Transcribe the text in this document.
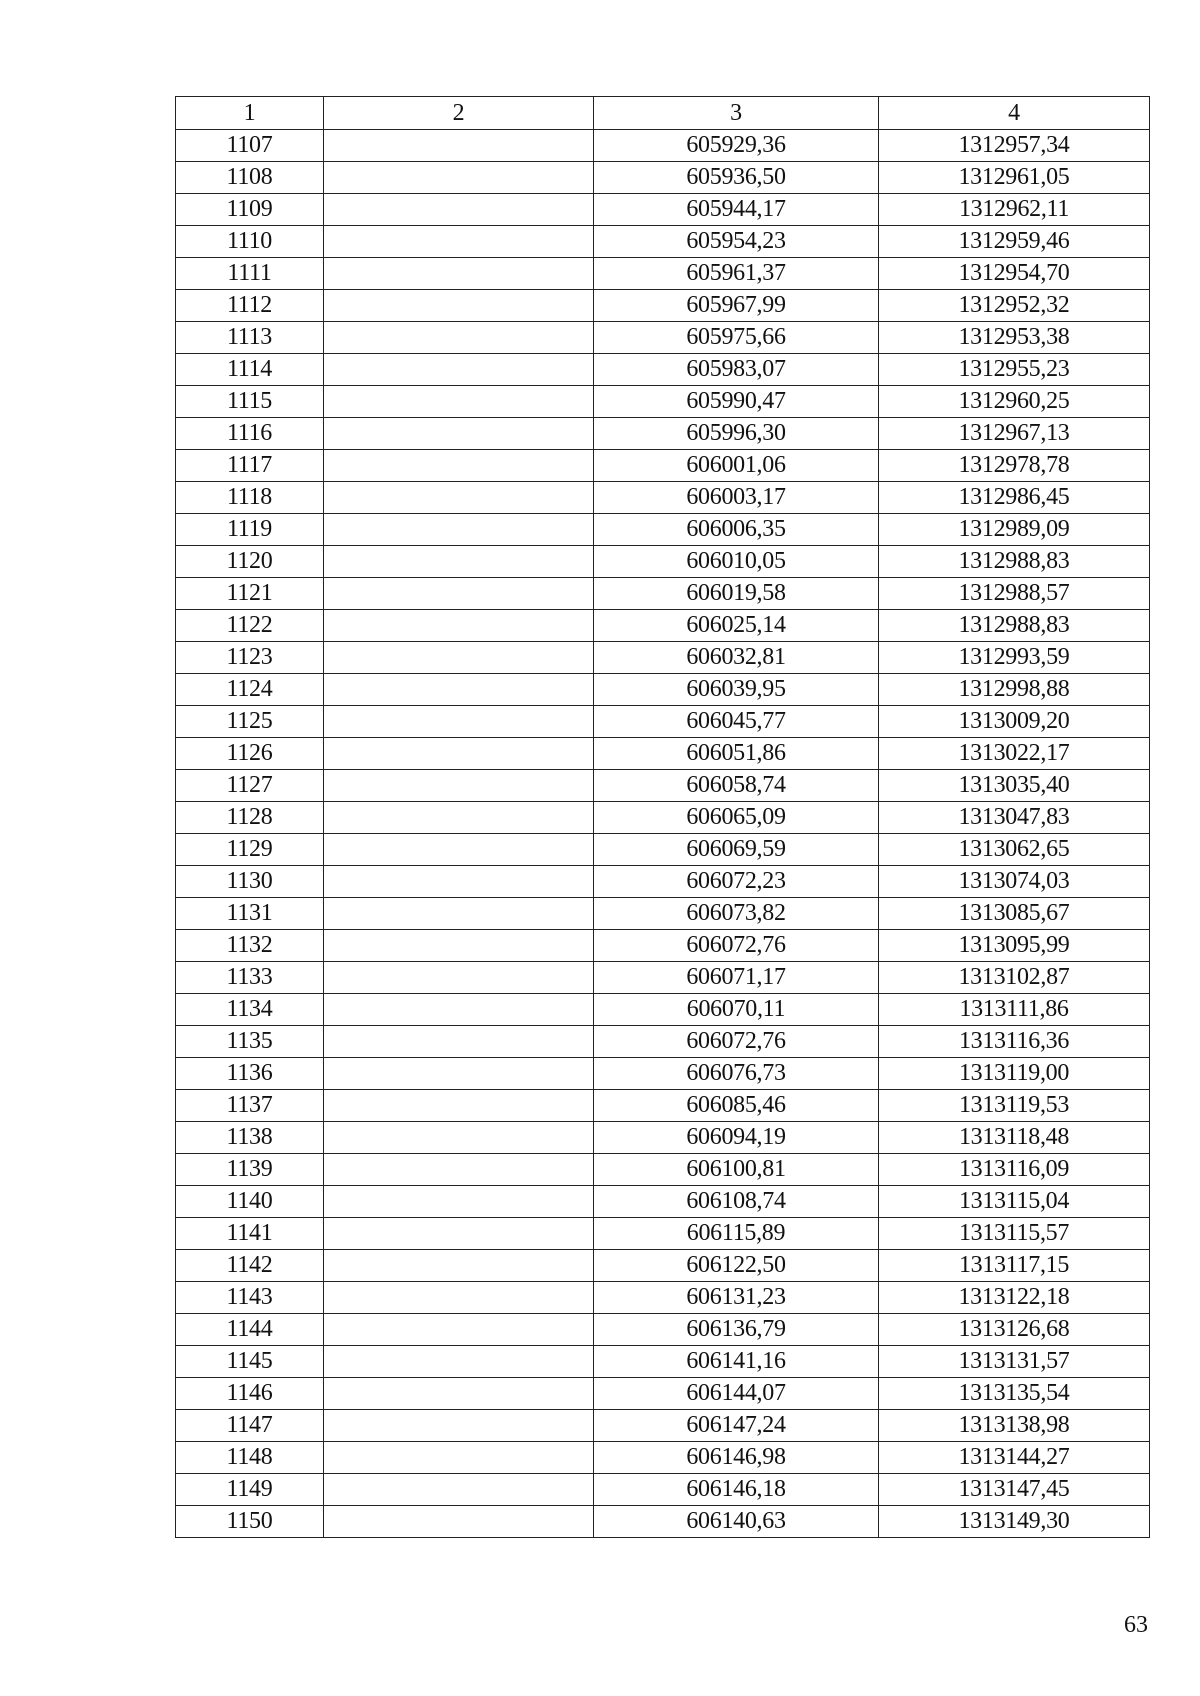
1	2	3	4
1107		605929,36	1312957,34
1108		605936,50	1312961,05
1109		605944,17	1312962,11
1110		605954,23	1312959,46
1111		605961,37	1312954,70
1112		605967,99	1312952,32
1113		605975,66	1312953,38
1114		605983,07	1312955,23
1115		605990,47	1312960,25
1116		605996,30	1312967,13
1117		606001,06	1312978,78
1118		606003,17	1312986,45
1119		606006,35	1312989,09
1120		606010,05	1312988,83
1121		606019,58	1312988,57
1122		606025,14	1312988,83
1123		606032,81	1312993,59
1124		606039,95	1312998,88
1125		606045,77	1313009,20
1126		606051,86	1313022,17
1127		606058,74	1313035,40
1128		606065,09	1313047,83
1129		606069,59	1313062,65
1130		606072,23	1313074,03
1131		606073,82	1313085,67
1132		606072,76	1313095,99
1133		606071,17	1313102,87
1134		606070,11	1313111,86
1135		606072,76	1313116,36
1136		606076,73	1313119,00
1137		606085,46	1313119,53
1138		606094,19	1313118,48
1139		606100,81	1313116,09
1140		606108,74	1313115,04
1141		606115,89	1313115,57
1142		606122,50	1313117,15
1143		606131,23	1313122,18
1144		606136,79	1313126,68
1145		606141,16	1313131,57
1146		606144,07	1313135,54
1147		606147,24	1313138,98
1148		606146,98	1313144,27
1149		606146,18	1313147,45
1150		606140,63	1313149,30
63
